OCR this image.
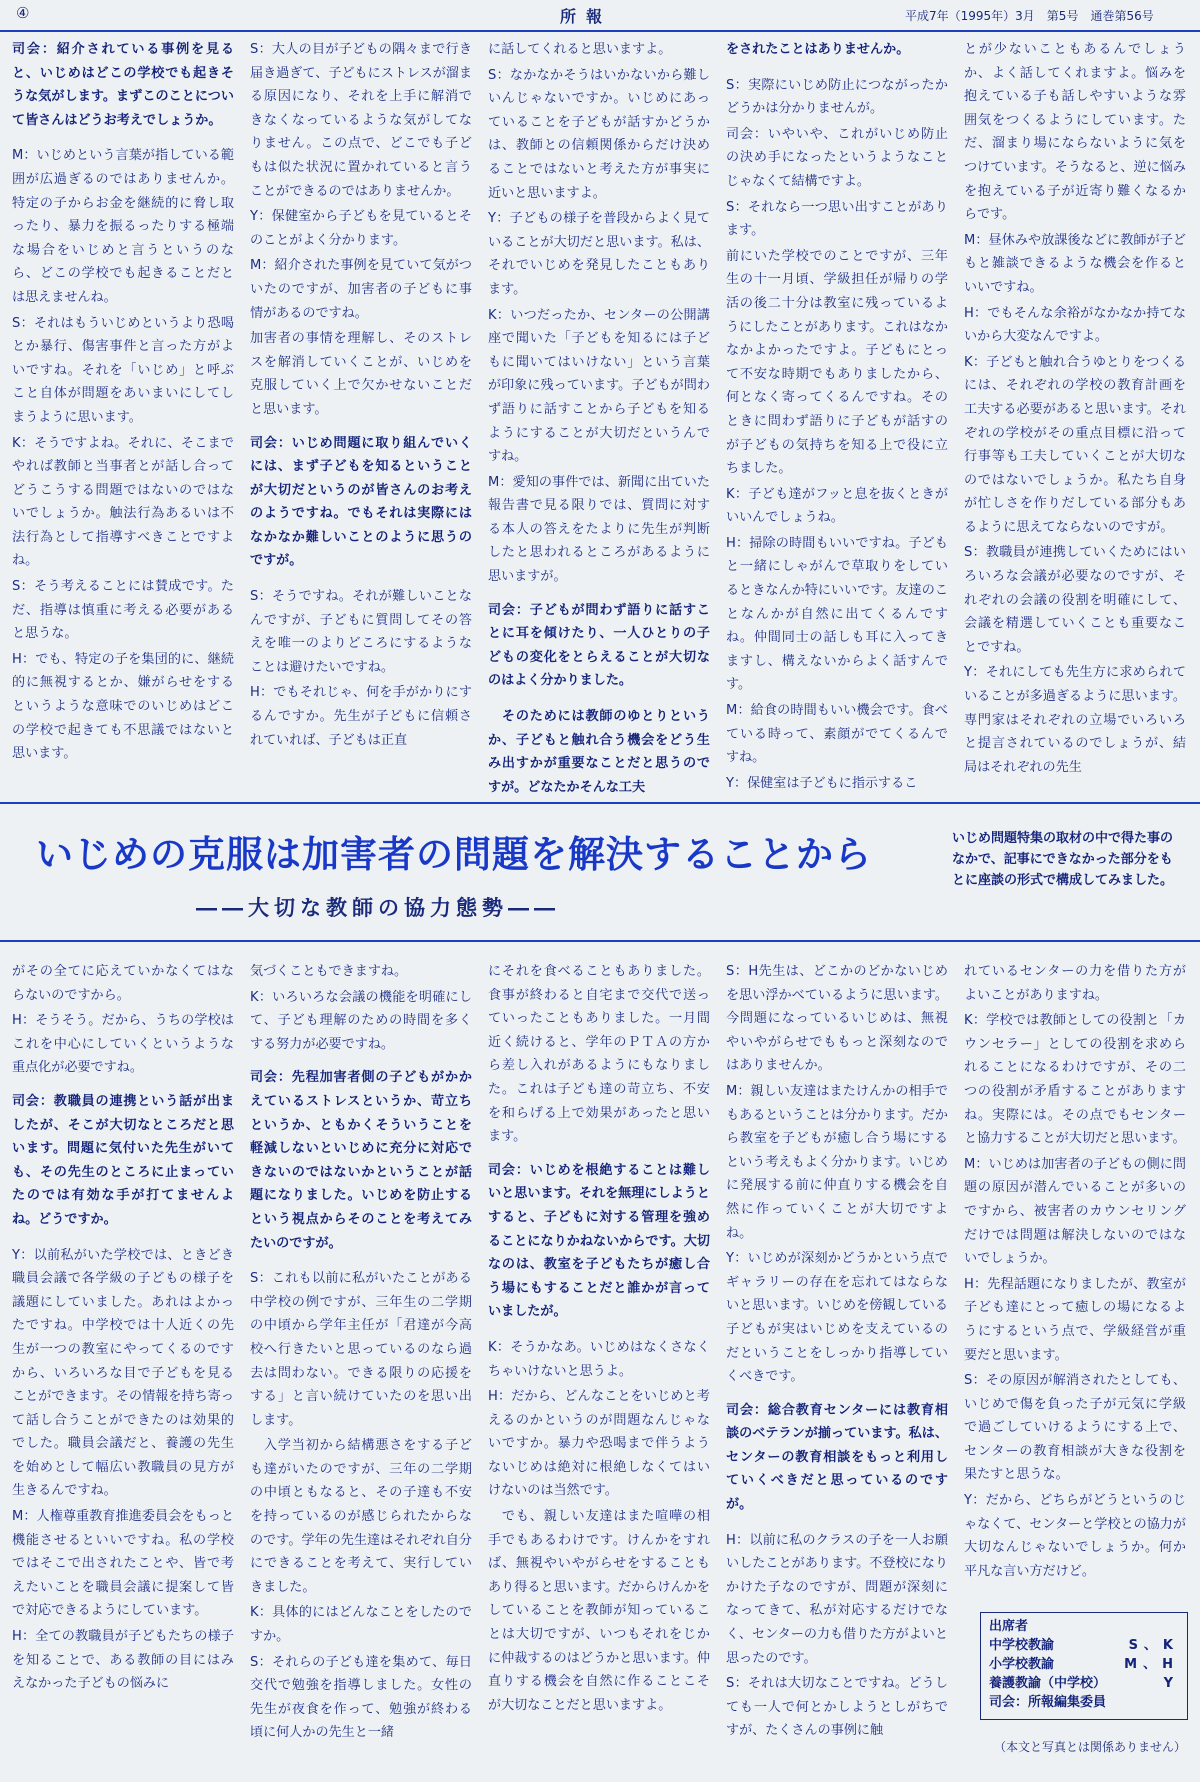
④	所報	平成7年（1995年）3月　第5号　通巻第56号

司会：紹介されている事例を見ると、いじめはどこの学校でも起きそうな気がします。まずこのことについて皆さんはどうお考えでしょうか。

M：いじめという言葉が指している範囲が広過ぎるのではありませんか。特定の子からお金を継続的に脅し取ったり、暴力を振るったりする極端な場合をいじめと言うというのなら、どこの学校でも起きることだとは思えませんね。

S：それはもういじめというより恐喝とか暴行、傷害事件と言った方がよいですね。それを「いじめ」と呼ぶこと自体が問題をあいまいにしてしまうように思います。

K：そうですよね。それに、そこまでやれば教師と当事者とが話し合ってどうこうする問題ではないのではないでしょうか。触法行為あるいは不法行為として指導すべきことですよね。

S：そう考えることには賛成です。ただ、指導は慎重に考える必要があると思うな。

H：でも、特定の子を集団的に、継続的に無視するとか、嫌がらせをするというような意味でのいじめはどこの学校で起きても不思議ではないと思います。

S：大人の目が子どもの隅々まで行き届き過ぎて、子どもにストレスが溜まる原因になり、それを上手に解消できなくなっているような気がしてなりません。この点で、どこでも子どもは似た状況に置かれていると言うことができるのではありませんか。

Y：保健室から子どもを見ているとそのことがよく分かります。

M：紹介された事例を見ていて気がついたのですが、加害者の子どもに事情があるのですね。

加害者の事情を理解し、そのストレスを解消していくことが、いじめを克服していく上で欠かせないことだと思います。

司会：いじめ問題に取り組んでいくには、まず子どもを知るということが大切だというのが皆さんのお考えのようですね。でもそれは実際にはなかなか難しいことのように思うのですが。

S：そうですね。それが難しいことなんですが、子どもに質問してその答えを唯一のよりどころにするようなことは避けたいですね。

H：でもそれじゃ、何を手がかりにするんですか。先生が子どもに信頼されていれば、子どもは正直

に話してくれると思いますよ。

S：なかなかそうはいかないから難しいんじゃないですか。いじめにあっていることを子どもが話すかどうかは、教師との信頼関係からだけ決めることではないと考えた方が事実に近いと思いますよ。

Y：子どもの様子を普段からよく見ていることが大切だと思います。私は、それでいじめを発見したこともあります。

K：いつだったか、センターの公開講座で聞いた「子どもを知るには子どもに聞いてはいけない」という言葉が印象に残っています。子どもが問わず語りに話すことから子どもを知るようにすることが大切だというんですね。

M：愛知の事件では、新聞に出ていた報告書で見る限りでは、質問に対する本人の答えをたよりに先生が判断したと思われるところがあるように思いますが。

司会：子どもが問わず語りに話すことに耳を傾けたり、一人ひとりの子どもの変化をとらえることが大切なのはよく分かりました。

　そのためには教師のゆとりというか、子どもと触れ合う機会をどう生み出すかが重要なことだと思うのですが。どなたかそんな工夫

をされたことはありませんか。

S：実際にいじめ防止につながったかどうかは分かりませんが。

司会：いやいや、これがいじめ防止の決め手になったというようなことじゃなくて結構ですよ。

S：それなら一つ思い出すことがあります。

前にいた学校でのことですが、三年生の十一月頃、学級担任が帰りの学活の後二十分は教室に残っているようにしたことがあります。これはなかなかよかったですよ。子どもにとって不安な時期でもありましたから、何となく寄ってくるんですね。そのときに問わず語りに子どもが話すのが子どもの気持ちを知る上で役に立ちました。

K：子ども達がフッと息を抜くときがいいんでしょうね。

H：掃除の時間もいいですね。子どもと一緒にしゃがんで草取りをしているときなんか特にいいです。友達のことなんかが自然に出てくるんですね。仲間同士の話しも耳に入ってきますし、構えないからよく話すんです。

M：給食の時間もいい機会です。食べている時って、素顔がでてくるんですね。

Y：保健室は子どもに指示するこ

とが少ないこともあるんでしょうか、よく話してくれますよ。悩みを抱えている子も話しやすいような雰囲気をつくるようにしています。ただ、溜まり場にならないように気をつけています。そうなると、逆に悩みを抱えている子が近寄り難くなるからです。

M：昼休みや放課後などに教師が子どもと雑談できるような機会を作るといいですね。

H：でもそんな余裕がなかなか持てないから大変なんですよ。

K：子どもと触れ合うゆとりをつくるには、それぞれの学校の教育計画を工夫する必要があると思います。それぞれの学校がその重点目標に沿って行事等も工夫していくことが大切なのではないでしょうか。私たち自身が忙しさを作りだしている部分もあるように思えてならないのですが。

S：教職員が連携していくためにはいろいろな会議が必要なのですが、それぞれの会議の役割を明確にして、会議を精選していくことも重要なことですね。

Y：それにしても先生方に求められていることが多過ぎるように思います。専門家はそれぞれの立場でいろいろと提言されているのでしょうが、結局はそれぞれの先生

いじめの克服は加害者の問題を解決することから
――大切な教師の協力態勢――
いじめ問題特集の取材の中で得た事のなかで、記事にできなかった部分をもとに座談の形式で構成してみました。

がその全てに応えていかなくてはならないのですから。

H：そうそう。だから、うちの学校はこれを中心にしていくというような重点化が必要ですね。

司会：教職員の連携という話が出ましたが、そこが大切なところだと思います。問題に気付いた先生がいても、その先生のところに止まっていたのでは有効な手が打てませんよね。どうですか。

Y：以前私がいた学校では、ときどき職員会議で各学級の子どもの様子を議題にしていました。あれはよかったですね。中学校では十人近くの先生が一つの教室にやってくるのですから、いろいろな目で子どもを見ることができます。その情報を持ち寄って話し合うことができたのは効果的でした。職員会議だと、養護の先生を始めとして幅広い教職員の見方が生きるんですね。

M：人権尊重教育推進委員会をもっと機能させるといいですね。私の学校ではそこで出されたことや、皆で考えたいことを職員会議に提案して皆で対応できるようにしています。

H：全ての教職員が子どもたちの様子を知ることで、ある教師の目にはみえなかった子どもの悩みに

気づくこともできますね。

K：いろいろな会議の機能を明確にして、子ども理解のための時間を多くする努力が必要ですね。

司会：先程加害者側の子どもがかかえているストレスというか、苛立ちというか、ともかくそういうことを軽減しないといじめに充分に対応できないのではないかということが話題になりました。いじめを防止するという視点からそのことを考えてみたいのですが。

S：これも以前に私がいたことがある中学校の例ですが、三年生の二学期の中頃から学年主任が「君達が今高校へ行きたいと思っているのなら過去は問わない。できる限りの応援をする」と言い続けていたのを思い出します。

　入学当初から結構悪さをする子ども達がいたのですが、三年の二学期の中頃ともなると、その子達も不安を持っているのが感じられたからなのです。学年の先生達はそれぞれ自分にできることを考えて、実行していきました。

K：具体的にはどんなことをしたのですか。

S：それらの子ども達を集めて、毎日交代で勉強を指導しました。女性の先生が夜食を作って、勉強が終わる頃に何人かの先生と一緒

にそれを食べることもありました。食事が終わると自宅まで交代で送っていったこともありました。一月間近く続けると、学年のＰＴＡの方から差し入れがあるようにもなりました。これは子ども達の苛立ち、不安を和らげる上で効果があったと思います。

司会：いじめを根絶することは難しいと思います。それを無理にしようとすると、子どもに対する管理を強めることになりかねないからです。大切なのは、教室を子どもたちが癒し合う場にもすることだと誰かが言っていましたが。

K：そうかなあ。いじめはなくさなくちゃいけないと思うよ。

H：だから、どんなことをいじめと考えるのかというのが問題なんじゃないですか。暴力や恐喝まで伴うようないじめは絶対に根絶しなくてはいけないのは当然です。

　でも、親しい友達はまた喧嘩の相手でもあるわけです。けんかをすれば、無視やいやがらせをすることもあり得ると思います。だからけんかをしていることを教師が知っていることは大切ですが、いつもそれをじかに仲裁するのはどうかと思います。仲直りする機会を自然に作ることこそが大切なことだと思いますよ。

S：H先生は、どこかのどかないじめを思い浮かべているように思います。今問題になっているいじめは、無視やいやがらせでももっと深刻なのではありませんか。

M：親しい友達はまたけんかの相手でもあるということは分かります。だから教室を子どもが癒し合う場にするという考えもよく分かります。いじめに発展する前に仲直りする機会を自然に作っていくことが大切ですよね。

Y：いじめが深刻かどうかという点でギャラリーの存在を忘れてはならないと思います。いじめを傍観している子どもが実はいじめを支えているのだということをしっかり指導していくべきです。

司会：総合教育センターには教育相談のベテランが揃っています。私は、センターの教育相談をもっと利用していくべきだと思っているのですが。

H：以前に私のクラスの子を一人お願いしたことがあります。不登校になりかけた子なのですが、問題が深刻になってきて、私が対応するだけでなく、センターの力も借りた方がよいと思ったのです。

S：それは大切なことですね。どうしても一人で何とかしようとしがちですが、たくさんの事例に触

れているセンターの力を借りた方がよいことがありますね。

K：学校では教師としての役割と「カウンセラー」としての役割を求められることになるわけですが、その二つの役割が矛盾することがありますね。実際には。その点でもセンターと協力することが大切だと思います。

M：いじめは加害者の子どもの側に問題の原因が潜んでいることが多いのですから、被害者のカウンセリングだけでは問題は解決しないのではないでしょうか。

H：先程話題になりましたが、教室が子ども達にとって癒しの場になるようにするという点で、学級経営が重要だと思います。

S：その原因が解消されたとしても、いじめで傷を負った子が元気に学級で過ごしていけるようにする上で、センターの教育相談が大きな役割を果たすと思うな。

Y：だから、どちらがどうというのじゃなくて、センターと学校との協力が大切なんじゃないでしょうか。何か平凡な言い方だけど。

出席者
中学校教諭	S、K
小学校教諭	M、H
養護教諭（中学校）	Y
司会：所報編集委員
（本文と写真とは関係ありません）
